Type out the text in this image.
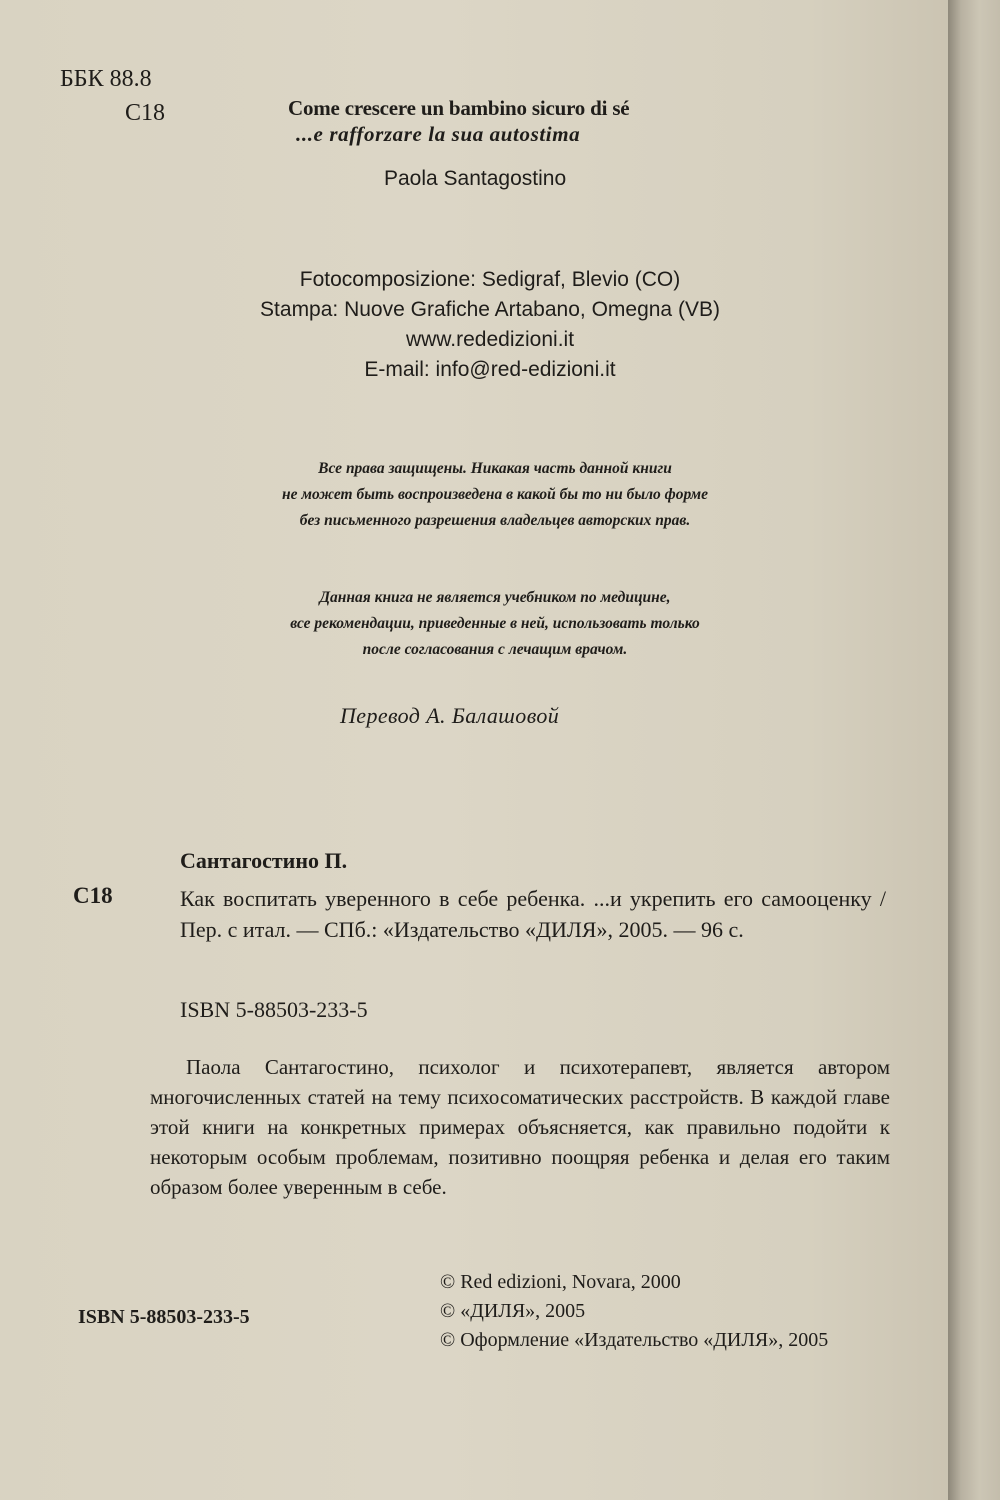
ББК 88.8
С18	Come crescere un bambino sicuro di sé
...e rafforzare la sua autostima
Paola Santagostino
Fotocomposizione: Sedigraf, Blevio (CO)
Stampa: Nuove Grafiche Artabano, Omegna (VB)
www.rededizioni.it
E-mail: info@red-edizioni.it
Все права защищены. Никакая часть данной книги
не может быть воспроизведена в какой бы то ни было форме
без письменного разрешения владельцев авторских прав.
Данная книга не является учебником по медицине,
все рекомендации, приведенные в ней, использовать только
после согласования с лечащим врачом.
Перевод А. Балашовой
Сантагостино П.
С18	Как воспитать уверенного в себе ребенка. ...и укрепить его самооценку / Пер. с итал. — СПб.: «Издательство «ДИЛЯ», 2005. — 96 с.
ISBN 5-88503-233-5
Паола Сантагостино, психолог и психотерапевт, является автором многочисленных статей на тему психосоматических расстройств. В каждой главе этой книги на конкретных примерах объясняется, как правильно подойти к некоторым особым проблемам, позитивно поощряя ребенка и делая его таким образом более уверенным в себе.
ISBN 5-88503-233-5
© Red edizioni, Novara, 2000
© «ДИЛЯ», 2005
© Оформление «Издательство «ДИЛЯ», 2005
